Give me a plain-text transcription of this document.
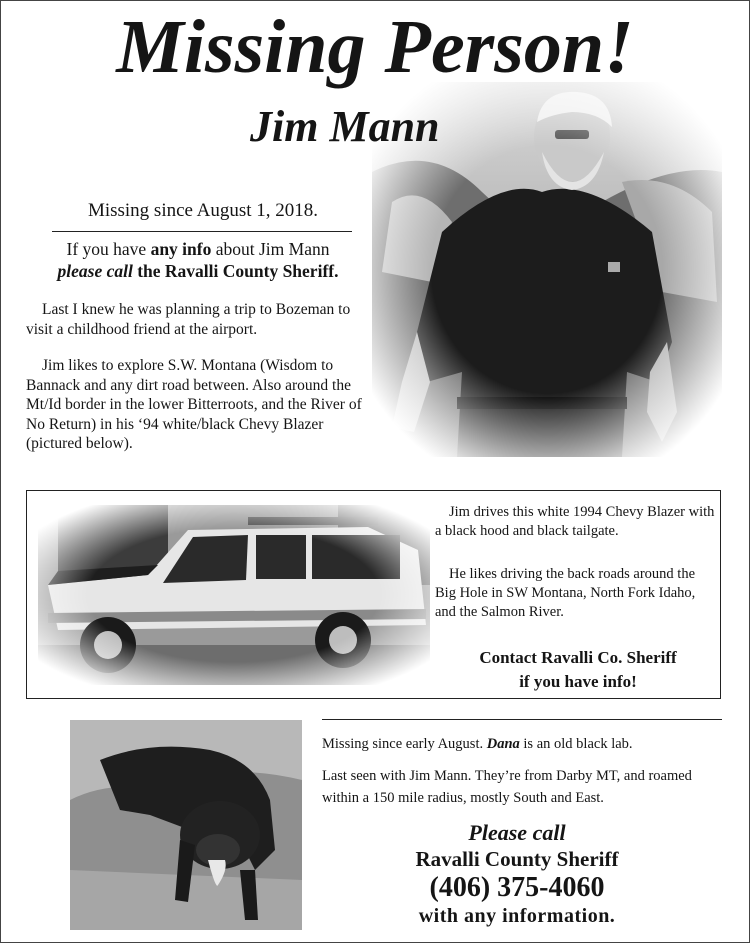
Missing Person!
Jim Mann
Missing since August 1, 2018.
If you have any info about Jim Mann
please call the Ravalli County Sheriff.
Last I knew he was planning a trip to Bozeman to visit a childhood friend at the airport.
Jim likes to explore S.W. Montana (Wisdom to Bannack and any dirt road between. Also around the Mt/Id border in the lower Bitterroots, and the River of No Return) in his ‘94 white/black Chevy Blazer (pictured below).
Jim drives this white 1994 Chevy Blazer with a black hood and black tailgate.
He likes driving the back roads around the Big Hole in SW Montana, North Fork Idaho, and the Salmon River.
Contact Ravalli Co. Sheriff
if you have info!
Missing since early August. Dana is an old black lab.
Last seen with Jim Mann. They’re from Darby MT, and roamed within a 150 mile radius, mostly South and East.
Please call
Ravalli County Sheriff
(406) 375-4060
with any information.
